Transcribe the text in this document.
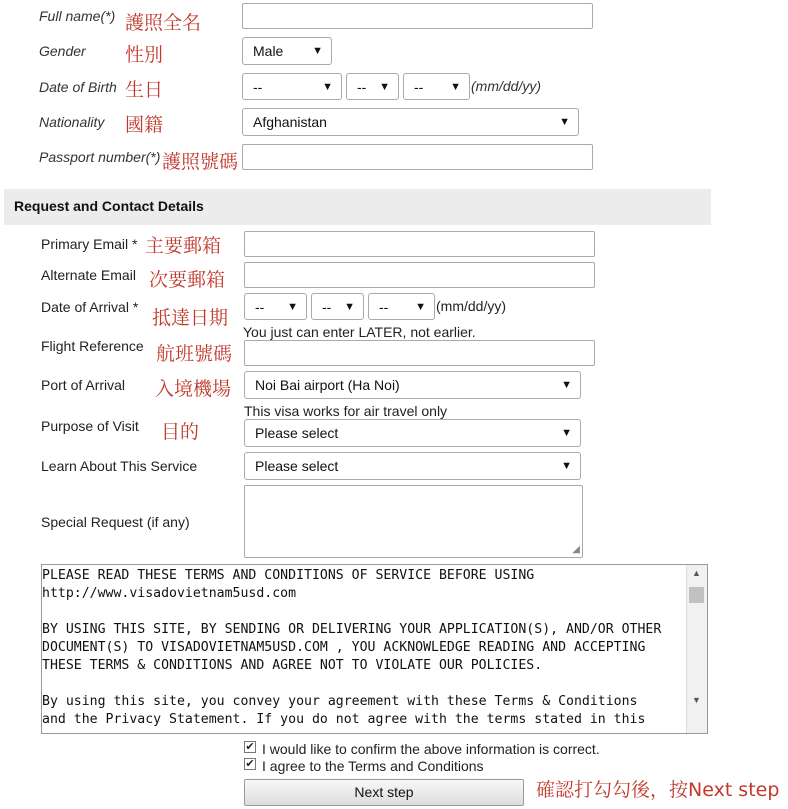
Full name(*) 護照全名
Gender 性別	Male	▼
Date of Birth 生日	--	▼	-- ▼	-- ▼ (mm/dd/yy)
Nationality 國籍	Afghanistan	▼
Passport number(*) 護照號碼
Request and Contact Details
Primary Email * 主要郵箱
Alternate Email 次要郵箱
Date of Arrival * 抵達日期	-- ▼	-- ▼	-- ▼ (mm/dd/yy)
You just can enter LATER, not earlier.
Flight Reference 航班號碼
Port of Arrival 入境機場	Noi Bai airport (Ha Noi)	▼
This visa works for air travel only
Purpose of Visit 目的	Please select	▼
Learn About This Service	Please select	▼
Special Request (if any)
◢
PLEASE READ THESE TERMS AND CONDITIONS OF SERVICE BEFORE USING
http://www.visadovietnam5usd.com

BY USING THIS SITE, BY SENDING OR DELIVERING YOUR APPLICATION(S), AND/OR OTHER
DOCUMENT(S) TO VISADOVIETNAM5USD.COM , YOU ACKNOWLEDGE READING AND ACCEPTING
THESE TERMS & CONDITIONS AND AGREE NOT TO VIOLATE OUR POLICIES.

By using this site, you convey your agreement with these Terms & Conditions
and the Privacy Statement. If you do not agree with the terms stated in this
▲
▼
✔ I would like to confirm the above information is correct.
✔ I agree to the Terms and Conditions
Next step	確認打勾勾後，按Next step
